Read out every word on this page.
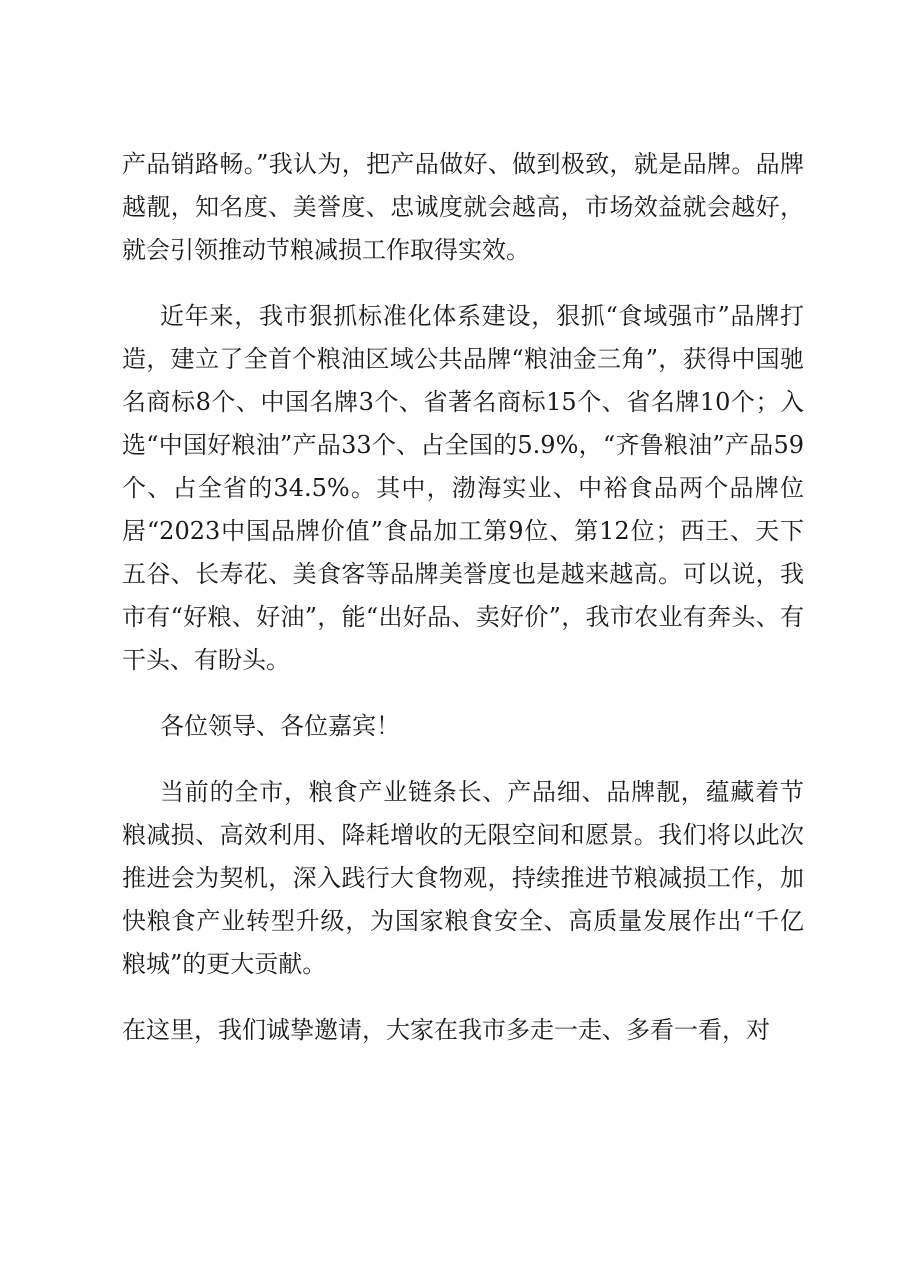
产品销路畅。”我认为，把产品做好、做到极致，就是品牌。品牌越靓，知名度、美誉度、忠诚度就会越高，市场效益就会越好，就会引领推动节粮减损工作取得实效。

近年来，我市狠抓标准化体系建设，狠抓“食域强市”品牌打造，建立了全首个粮油区域公共品牌“粮油金三角”，获得中国驰名商标8个、中国名牌3个、省著名商标15个、省名牌10个；入选“中国好粮油”产品33个、占全国的5.9%，“齐鲁粮油”产品59个、占全省的34.5%。其中，渤海实业、中裕食品两个品牌位居“2023中国品牌价值”食品加工第9位、第12位；西王、天下五谷、长寿花、美食客等品牌美誉度也是越来越高。可以说，我市有“好粮、好油”，能“出好品、卖好价”，我市农业有奔头、有干头、有盼头。

各位领导、各位嘉宾！

当前的全市，粮食产业链条长、产品细、品牌靓，蕴藏着节粮减损、高效利用、降耗增收的无限空间和愿景。我们将以此次推进会为契机，深入践行大食物观，持续推进节粮减损工作，加快粮食产业转型升级，为国家粮食安全、高质量发展作出“千亿粮城”的更大贡献。

在这里，我们诚挚邀请，大家在我市多走一走、多看一看，对
